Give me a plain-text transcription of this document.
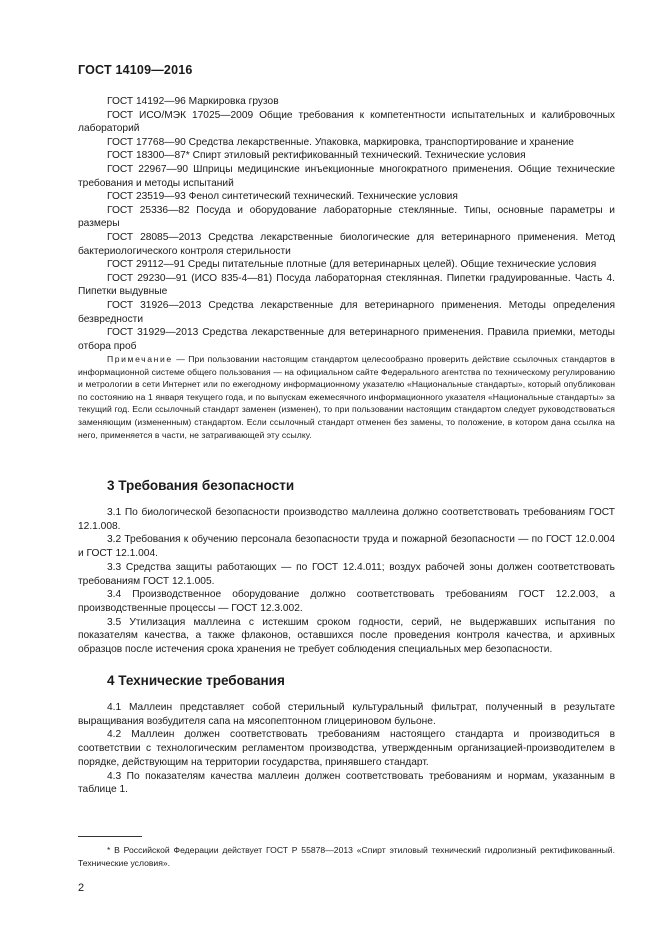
ГОСТ 14109—2016

ГОСТ 14192—96 Маркировка грузов

ГОСТ ИСО/МЭК 17025—2009 Общие требования к компетентности испытательных и калибровочных лабораторий

ГОСТ 17768—90 Средства лекарственные. Упаковка, маркировка, транспортирование и хранение

ГОСТ 18300—87* Спирт этиловый ректификованный технический. Технические условия

ГОСТ 22967—90 Шприцы медицинские инъекционные многократного применения. Общие технические требования и методы испытаний

ГОСТ 23519—93 Фенол синтетический технический. Технические условия

ГОСТ 25336—82 Посуда и оборудование лабораторные стеклянные. Типы, основные параметры и размеры

ГОСТ 28085—2013 Средства лекарственные биологические для ветеринарного применения. Метод бактериологического контроля стерильности

ГОСТ 29112—91 Среды питательные плотные (для ветеринарных целей). Общие технические условия

ГОСТ 29230—91 (ИСО 835-4—81) Посуда лабораторная стеклянная. Пипетки градуированные. Часть 4. Пипетки выдувные

ГОСТ 31926—2013 Средства лекарственные для ветеринарного применения. Методы определения безвредности

ГОСТ 31929—2013 Средства лекарственные для ветеринарного применения. Правила приемки, методы отбора проб

Примечание — При пользовании настоящим стандартом целесообразно проверить действие ссылочных стандартов в информационной системе общего пользования — на официальном сайте Федерального агентства по техническому регулированию и метрологии в сети Интернет или по ежегодному информационному указателю «Национальные стандарты», который опубликован по состоянию на 1 января текущего года, и по выпускам ежемесячного информационного указателя «Национальные стандарты» за текущий год. Если ссылочный стандарт заменен (изменен), то при пользовании настоящим стандартом следует руководствоваться заменяющим (измененным) стандартом. Если ссылочный стандарт отменен без замены, то положение, в котором дана ссылка на него, применяется в части, не затрагивающей эту ссылку.

3 Требования безопасности

3.1 По биологической безопасности производство маллеина должно соответствовать требованиям ГОСТ 12.1.008.

3.2 Требования к обучению персонала безопасности труда и пожарной безопасности — по ГОСТ 12.0.004 и ГОСТ 12.1.004.

3.3 Средства защиты работающих — по ГОСТ 12.4.011; воздух рабочей зоны должен соответствовать требованиям ГОСТ 12.1.005.

3.4 Производственное оборудование должно соответствовать требованиям ГОСТ 12.2.003, а производственные процессы — ГОСТ 12.3.002.

3.5 Утилизация маллеина с истекшим сроком годности, серий, не выдержавших испытания по показателям качества, а также флаконов, оставшихся после проведения контроля качества, и архивных образцов после истечения срока хранения не требует соблюдения специальных мер безопасности.

4 Технические требования

4.1 Маллеин представляет собой стерильный культуральный фильтрат, полученный в результате выращивания возбудителя сапа на мясопептонном глицериновом бульоне.

4.2 Маллеин должен соответствовать требованиям настоящего стандарта и производиться в соответствии с технологическим регламентом производства, утвержденным организацией-производителем в порядке, действующим на территории государства, принявшего стандарт.

4.3 По показателям качества маллеин должен соответствовать требованиям и нормам, указанным в таблице 1.

* В Российской Федерации действует ГОСТ Р 55878—2013 «Спирт этиловый технический гидролизный ректификованный. Технические условия».

2
